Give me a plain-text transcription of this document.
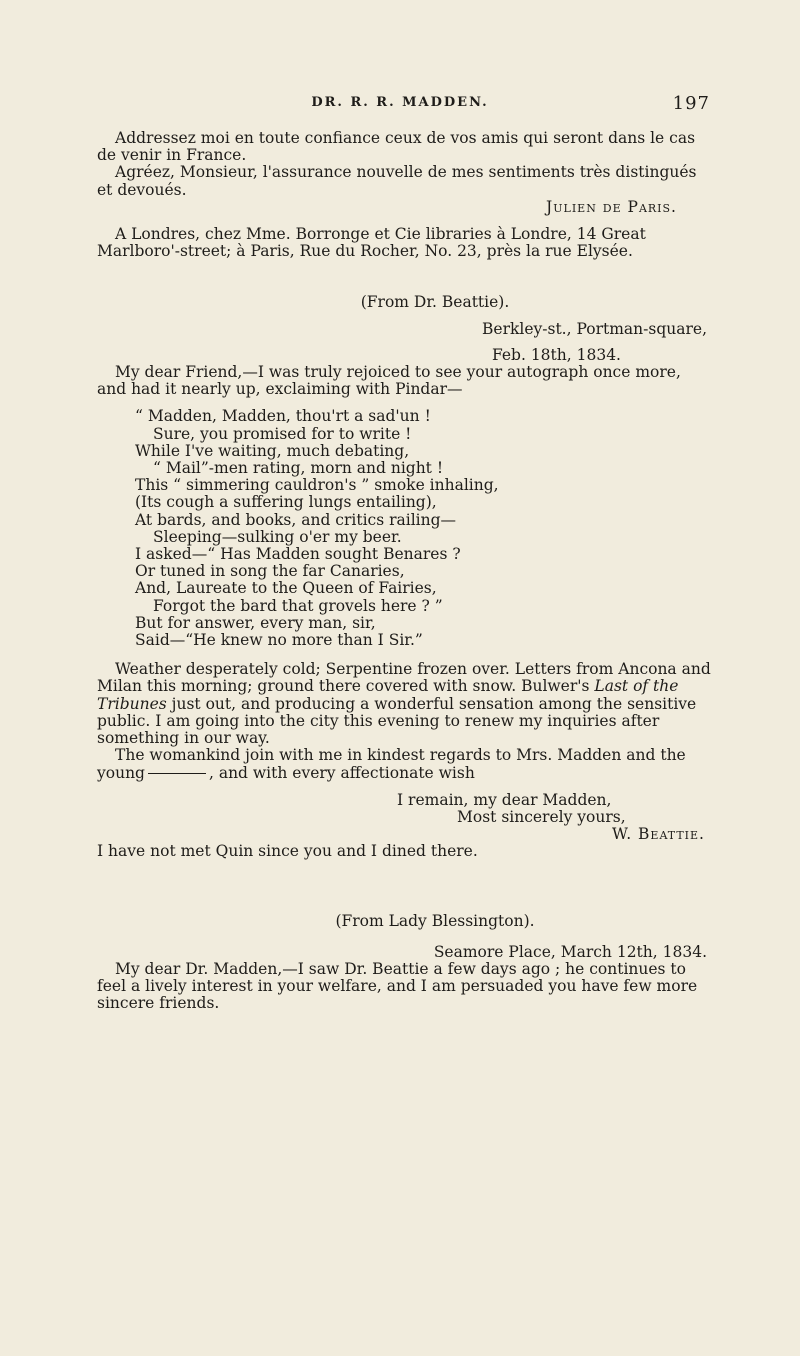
DR. R. R. MADDEN.	197

Addressez moi en toute confiance ceux de vos amis qui seront dans le cas de venir in France.

Agréez, Monsieur, l'assurance nouvelle de mes sentiments très distingués et devoués.

Julien de Paris.

A Londres, chez Mme. Borronge et Cie libraries à Londre, 14 Great Marlboro'-street; à Paris, Rue du Rocher, No. 23, près la rue Elysée.

(From Dr. Beattie).

Berkley-st., Portman-square,

Feb. 18th, 1834.

My dear Friend,—I was truly rejoiced to see your autograph once more, and had it nearly up, exclaiming with Pindar—

“ Madden, Madden, thou'rt a sad'un !
Sure, you promised for to write !
While I've waiting, much debating,
“ Mail”-men rating, morn and night !
This “ simmering cauldron's ” smoke inhaling,
(Its cough a suffering lungs entailing),
At bards, and books, and critics railing—
Sleeping—sulking o'er my beer.
I asked—“ Has Madden sought Benares ?
Or tuned in song the far Canaries,
And, Laureate to the Queen of Fairies,
Forgot the bard that grovels here ? ”
But for answer, every man, sir,
Said—“He knew no more than I Sir.”

Weather desperately cold; Serpentine frozen over. Letters from Ancona and Milan this morning; ground there covered with snow. Bulwer's Last of the Tribunes just out, and producing a wonderful sensation among the sensitive public. I am going into the city this evening to renew my inquiries after something in our way.

The womankind join with me in kindest regards to Mrs. Madden and the young	, and with every affectionate wish

I remain, my dear Madden,

Most sincerely yours,

W. Beattie.

I have not met Quin since you and I dined there.

(From Lady Blessington).

Seamore Place, March 12th, 1834.

My dear Dr. Madden,—I saw Dr. Beattie a few days ago ; he continues to feel a lively interest in your welfare, and I am persuaded you have few more sincere friends.
